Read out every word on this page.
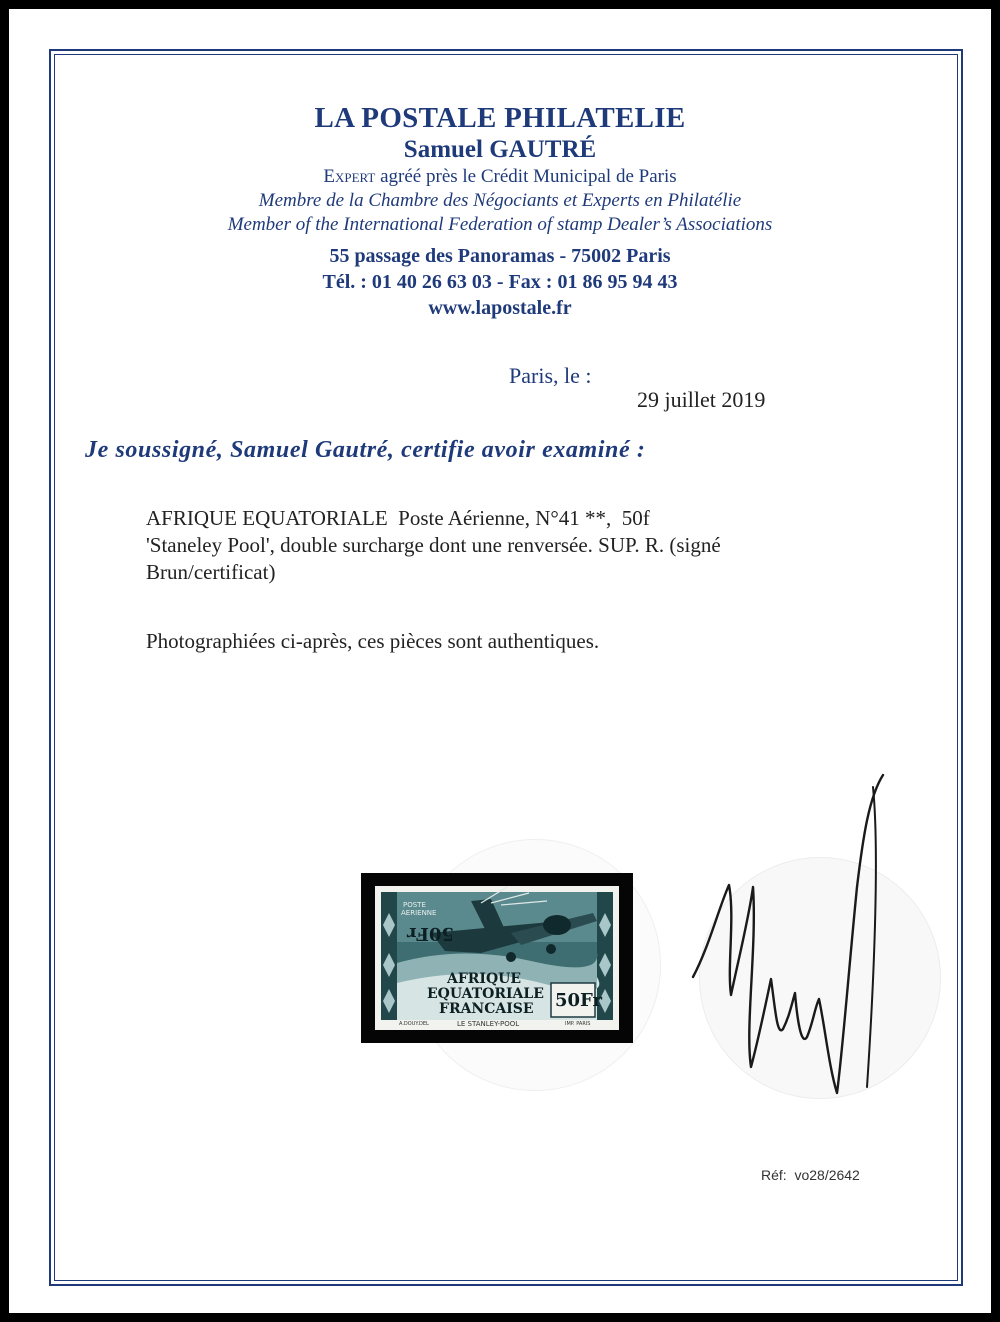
LA POSTALE PHILATELIE
Samuel GAUTRÉ
Expert agréé près le Crédit Municipal de Paris
Membre de la Chambre des Négociants et Experts en Philatélie
Member of the International Federation of stamp Dealer’s Associations
55 passage des Panoramas - 75002 Paris
Tél. : 01 40 26 63 03 - Fax : 01 86 95 94 43
www.lapostale.fr
Paris, le :
29 juillet 2019
Je soussigné, Samuel Gautré, certifie avoir examiné :
AFRIQUE EQUATORIALE  Poste Aérienne, N°41 **,  50f
'Staneley Pool', double surcharge dont une renversée. SUP. R. (signé
Brun/certificat)
Photographiées ci-après, ces pièces sont authentiques.
POSTE
AERIENNE
50Fr
AFRIQUE
EQUATORIALE
FRANCAISE 50Fr
A.DOUY.DEL	LE STANLEY-POOL	IMP. PARIS
Réf:  vo28/2642
